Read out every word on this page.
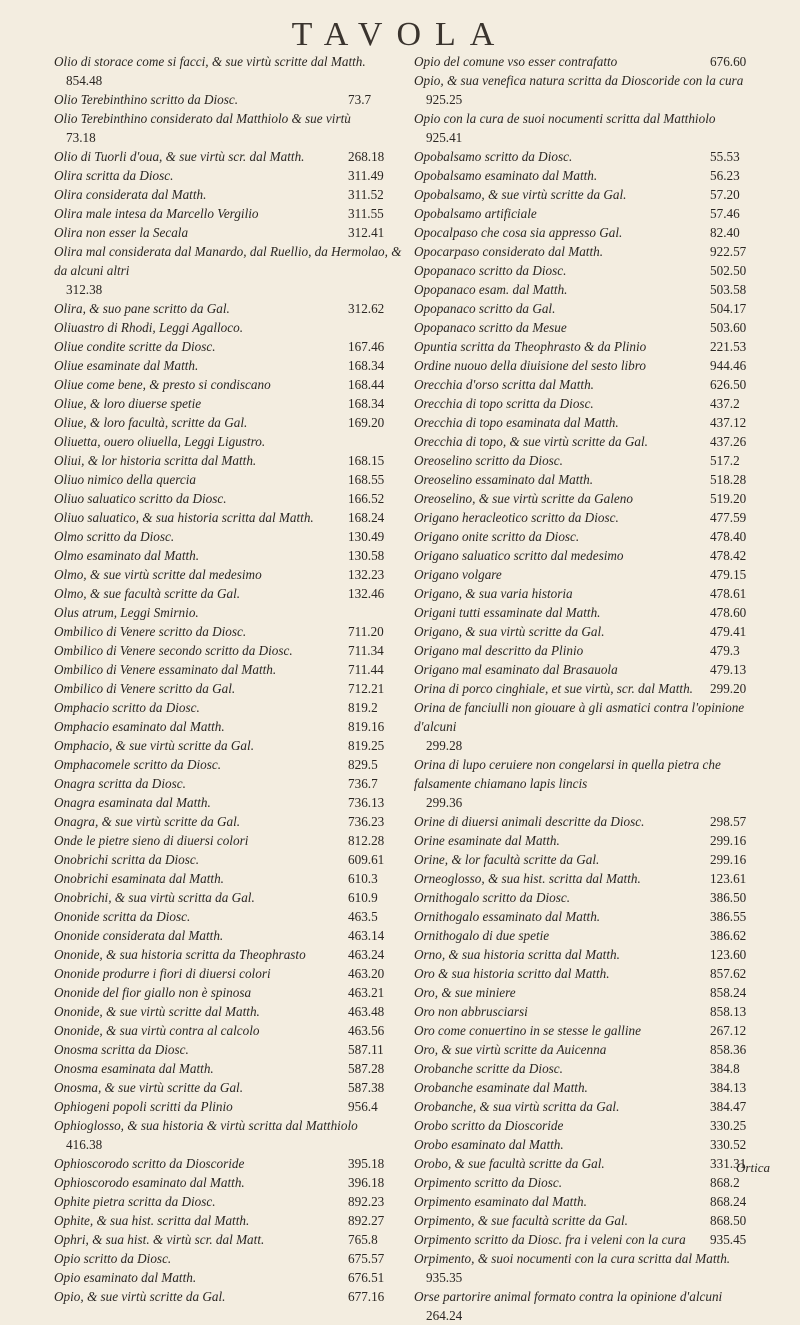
TAVOLA
Olio di storace come si facci, & sue virtù scritte dal Matth.
854.48
Olio Terebinthino scritto da Diosc.	73.7
Olio Terebinthino considerato dal Matthiolo & sue virtù
73.18
Olio di Tuorli d'oua, & sue virtù scr. dal Matth.	268.18
Olira scritta da Diosc.	311.49
Olira considerata dal Matth.	311.52
Olira male intesa da Marcello Vergilio	311.55
Olira non esser la Secala	312.41
Olira mal considerata dal Manardo, dal Ruellio, da Hermolao, & da alcuni altri
312.38
Olira, & suo pane scritto da Gal.	312.62
Oliuastro di Rhodi, Leggi Agalloco.
Oliue condite scritte da Diosc.	167.46
Oliue esaminate dal Matth.	168.34
Oliue come bene, & presto si condiscano	168.44
Oliue, & loro diuerse spetie	168.34
Oliue, & loro facultà, scritte da Gal.	169.20
Oliuetta, ouero oliuella, Leggi Ligustro.
Oliui, & lor historia scritta dal Matth.	168.15
Oliuo nimico della quercia	168.55
Oliuo saluatico scritto da Diosc.	166.52
Oliuo saluatico, & sua historia scritta dal Matth.	168.24
Olmo scritto da Diosc.	130.49
Olmo esaminato dal Matth.	130.58
Olmo, & sue virtù scritte dal medesimo	132.23
Olmo, & sue facultà scritte da Gal.	132.46
Olus atrum, Leggi Smirnio.
Ombilico di Venere scritto da Diosc.	711.20
Ombilico di Venere secondo scritto da Diosc.	711.34
Ombilico di Venere essaminato dal Matth.	711.44
Ombilico di Venere scritto da Gal.	712.21
Omphacio scritto da Diosc.	819.2
Omphacio esaminato dal Matth.	819.16
Omphacio, & sue virtù scritte da Gal.	819.25
Omphacomele scritto da Diosc.	829.5
Onagra scritta da Diosc.	736.7
Onagra esaminata dal Matth.	736.13
Onagra, & sue virtù scritte da Gal.	736.23
Onde le pietre sieno di diuersi colori	812.28
Onobrichi scritta da Diosc.	609.61
Onobrichi esaminata dal Matth.	610.3
Onobrichi, & sua virtù scritta da Gal.	610.9
Ononide scritta da Diosc.	463.5
Ononide considerata dal Matth.	463.14
Ononide, & sua historia scritta da Theophrasto	463.24
Ononide produrre i fiori di diuersi colori	463.20
Ononide del fior giallo non è spinosa	463.21
Ononide, & sue virtù scritte dal Matth.	463.48
Ononide, & sua virtù contra al calcolo	463.56
Onosma scritta da Diosc.	587.11
Onosma esaminata dal Matth.	587.28
Onosma, & sue virtù scritte da Gal.	587.38
Ophiogeni popoli scritti da Plinio	956.4
Ophioglosso, & sua historia & virtù scritta dal Matthiolo
416.38
Ophioscorodo scritto da Dioscoride	395.18
Ophioscorodo esaminato dal Matth.	396.18
Ophite pietra scritta da Diosc.	892.23
Ophite, & sua hist. scritta dal Matth.	892.27
Ophri, & sua hist. & virtù scr. dal Matt.	765.8
Opio scritto da Diosc.	675.57
Opio esaminato dal Matth.	676.51
Opio, & sue virtù scritte da Gal.	677.16
Opio del comune vso esser contrafatto	676.60
Opio, & sua venefica natura scritta da Dioscoride con la cura
925.25
Opio con la cura de suoi nocumenti scritta dal Matthiolo
925.41
Opobalsamo scritto da Diosc.	55.53
Opobalsamo esaminato dal Matth.	56.23
Opobalsamo, & sue virtù scritte da Gal.	57.20
Opobalsamo artificiale	57.46
Opocalpaso che cosa sia appresso Gal.	82.40
Opocarpaso considerato dal Matth.	922.57
Opopanaco scritto da Diosc.	502.50
Opopanaco esam. dal Matth.	503.58
Opopanaco scritto da Gal.	504.17
Opopanaco scritto da Mesue	503.60
Opuntia scritta da Theophrasto & da Plinio	221.53
Ordine nuouo della diuisione del sesto libro	944.46
Orecchia d'orso scritta dal Matth.	626.50
Orecchia di topo scritta da Diosc.	437.2
Orecchia di topo esaminata dal Matth.	437.12
Orecchia di topo, & sue virtù scritte da Gal.	437.26
Oreoselino scritto da Diosc.	517.2
Oreoselino essaminato dal Matth.	518.28
Oreoselino, & sue virtù scritte da Galeno	519.20
Origano heracleotico scritto da Diosc.	477.59
Origano onite scritto da Diosc.	478.40
Origano saluatico scritto dal medesimo	478.42
Origano volgare	479.15
Origano, & sua varia historia	478.61
Origani tutti essaminate dal Matth.	478.60
Origano, & sua virtù scritte da Gal.	479.41
Origano mal descritto da Plinio	479.3
Origano mal esaminato dal Brasauola	479.13
Orina di porco cinghiale, et sue virtù, scr. dal Matth.	299.20
Orina de fanciulli non giouare à gli asmatici contra l'opinione d'alcuni
299.28
Orina di lupo ceruiere non congelarsi in quella pietra che falsamente chiamano lapis lincis
299.36
Orine di diuersi animali descritte da Diosc.	298.57
Orine esaminate dal Matth.	299.16
Orine, & lor facultà scritte da Gal.	299.16
Orneoglosso, & sua hist. scritta dal Matth.	123.61
Ornithogalo scritto da Diosc.	386.50
Ornithogalo essaminato dal Matth.	386.55
Ornithogalo di due spetie	386.62
Orno, & sua historia scritta dal Matth.	123.60
Oro & sua historia scritto dal Matth.	857.62
Oro, & sue miniere	858.24
Oro non abbrusciarsi	858.13
Oro come conuertino in se stesse le galline	267.12
Oro, & sue virtù scritte da Auicenna	858.36
Orobanche scritte da Diosc.	384.8
Orobanche esaminate dal Matth.	384.13
Orobanche, & sua virtù scritta da Gal.	384.47
Orobo scritto da Dioscoride	330.25
Orobo esaminato dal Matth.	330.52
Orobo, & sue facultà scritte da Gal.	331.31
Orpimento scritto da Diosc.	868.2
Orpimento esaminato dal Matth.	868.24
Orpimento, & sue facultà scritte da Gal.	868.50
Orpimento scritto da Diosc. fra i veleni con la cura	935.45
Orpimento, & suoi nocumenti con la cura scritta dal Matth.
935.35
Orse partorire animal formato contra la opinione d'alcuni
264.24
Ortica
